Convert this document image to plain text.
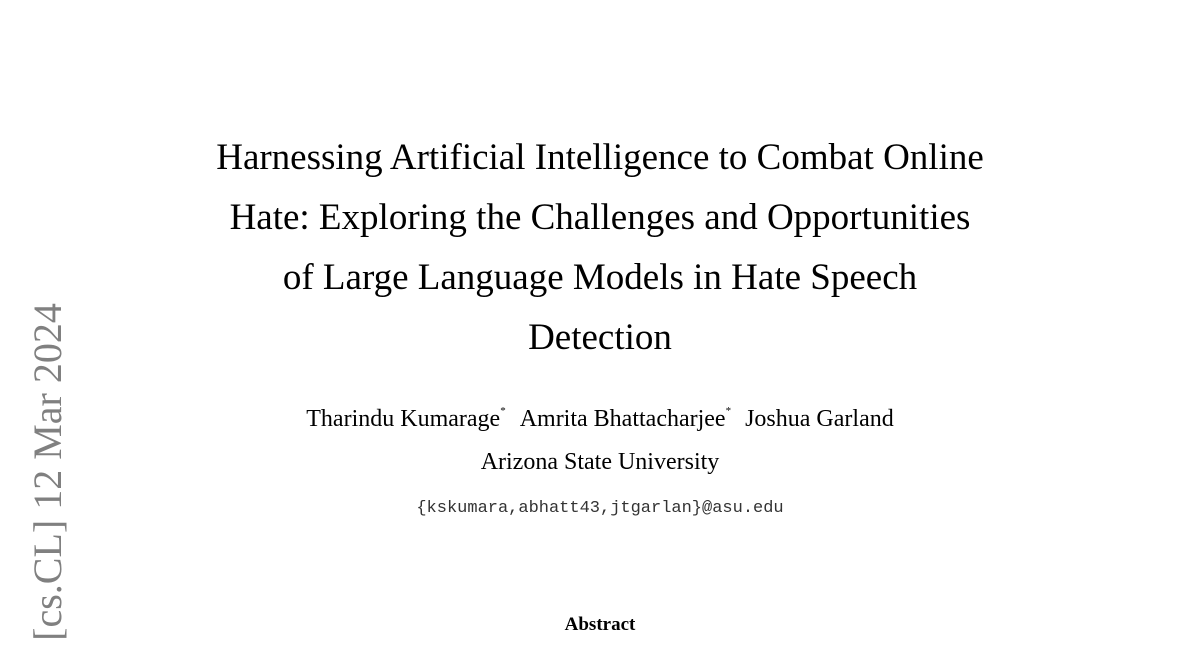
[cs.CL] 12 Mar 2024
Harnessing Artificial Intelligence to Combat Online
Hate: Exploring the Challenges and Opportunities
of Large Language Models in Hate Speech
Detection
Tharindu Kumarage* Amrita Bhattacharjee* Joshua Garland
Arizona State University
{kskumara,abhatt43,jtgarlan}@asu.edu
Abstract
